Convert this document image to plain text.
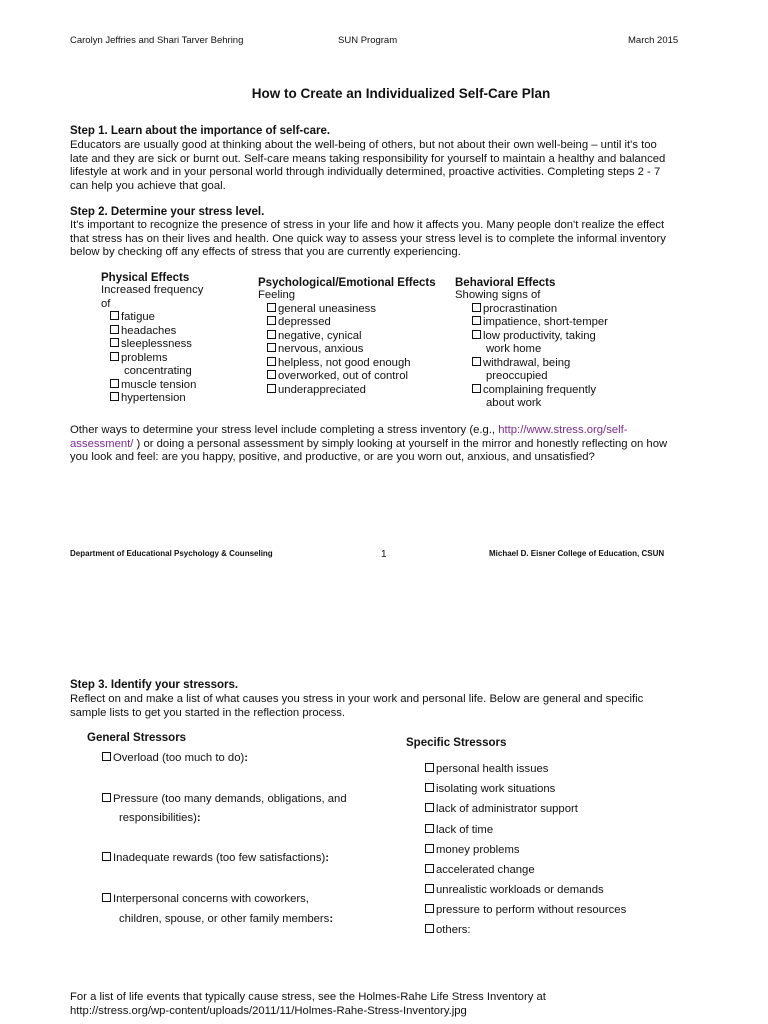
Carolyn Jeffries and Shari Tarver Behring	SUN Program	March 2015
How to Create an Individualized Self-Care Plan
Step 1. Learn about the importance of self-care.

Educators are usually good at thinking about the well-being of others, but not about their own well-being – until it's too

late and they are sick or burnt out. Self-care means taking responsibility for yourself to maintain a healthy and balanced

lifestyle at work and in your personal world through individually determined, proactive activities. Completing steps 2 - 7

can help you achieve that goal.

Step 2. Determine your stress level.

It's important to recognize the presence of stress in your life and how it affects you. Many people don't realize the effect

that stress has on their lives and health. One quick way to assess your stress level is to complete the informal inventory

below by checking off any effects of stress that you are currently experiencing.

Physical Effects
Increased frequency
of
fatigue
headaches
sleeplessness
problems
concentrating
muscle tension
hypertension
Psychological/Emotional Effects
Feeling
general uneasiness
depressed
negative, cynical
nervous, anxious
helpless, not good enough
overworked, out of control
underappreciated
Behavioral Effects
Showing signs of
procrastination
impatience, short-temper
low productivity, taking
work home
withdrawal, being
preoccupied
complaining frequently
about work

Other ways to determine your stress level include completing a stress inventory (e.g., http://www.stress.org/self-

assessment/ ) or doing a personal assessment by simply looking at yourself in the mirror and honestly reflecting on how

you look and feel: are you happy, positive, and productive, or are you worn out, anxious, and unsatisfied?

Department of Educational Psychology & Counseling	1	Michael D. Eisner College of Education, CSUN
Step 3. Identify your stressors.

Reflect on and make a list of what causes you stress in your work and personal life. Below are general and specific

sample lists to get you started in the reflection process.

General Stressors
Overload (too much to do):
Pressure (too many demands, obligations, and
responsibilities):
Inadequate rewards (too few satisfactions):
Interpersonal concerns with coworkers,
children, spouse, or other family members:
Specific Stressors
personal health issues
isolating work situations
lack of administrator support
lack of time
money problems
accelerated change
unrealistic workloads or demands
pressure to perform without resources
others:

For a list of life events that typically cause stress, see the Holmes-Rahe Life Stress Inventory at

http://stress.org/wp-content/uploads/2011/11/Holmes-Rahe-Stress-Inventory.jpg
